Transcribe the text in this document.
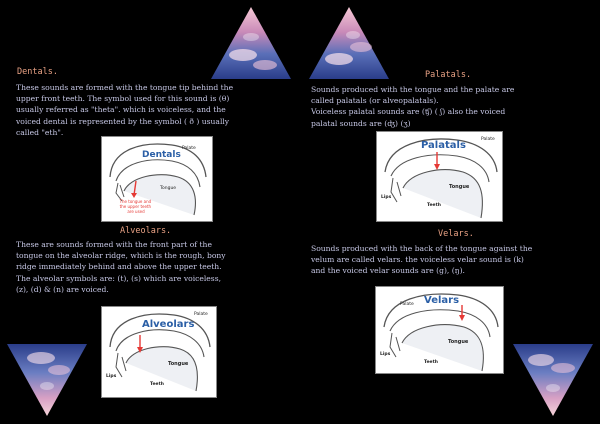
Dentals.
These sounds are formed with the tongue tip behind the
upper front teeth. The symbol used for this sound is (θ)
usually referred as "theta". which is voiceless, and the
voiced dental is represented by the symbol ( ð ) usually
called "eth".
Dentals
Palate
Tongue
The tongue and the upper teeth are used
Alveolars.
These are sounds formed with the front part of the
tongue on the alveolar ridge, which is the rough, bony
ridge immediately behind and above the upper teeth.
The alveolar symbols are: (t), (s) which are voiceless,
(z), (d) & (n) are voiced.
Alveolars
Palate
Tongue
Lips
Teeth
Palatals.
Sounds produced with the tongue and the palate are
called palatals (or alveopalatals).
Voiceless palatal sounds are (ʧ) ( ʃ) also the voiced
palatal sounds are (ʤ) (ʒ)
Palatals
Palate
Tongue
Lips
Teeth
Velars.
Sounds produced with the back of the tongue against the
velum are called velars. the voiceless velar sound is (k)
and the voiced velar sounds are (g), (ŋ).
Velars
Palate
Tongue
Lips
Teeth
